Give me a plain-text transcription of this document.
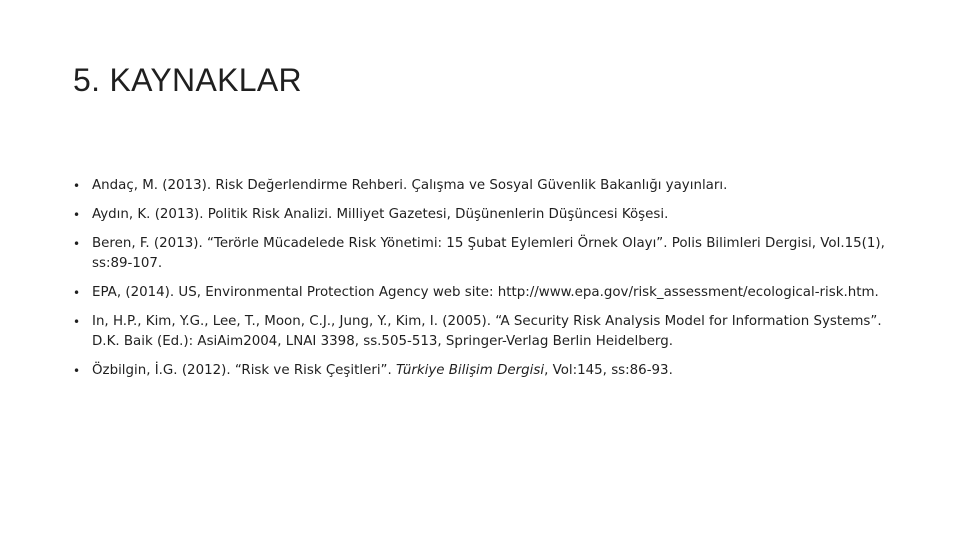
5. KAYNAKLAR
• Andaç, M. (2013). Risk Değerlendirme Rehberi. Çalışma ve Sosyal Güvenlik Bakanlığı yayınları.
• Aydın, K. (2013). Politik Risk Analizi. Milliyet Gazetesi, Düşünenlerin Düşüncesi Köşesi.
• Beren, F. (2013). “Terörle Mücadelede Risk Yönetimi: 15 Şubat Eylemleri Örnek Olayı”. Polis Bilimleri Dergisi, Vol.15(1), ss:89-107.
• EPA, (2014). US, Environmental Protection Agency web site: http://www.epa.gov/risk_assessment/ecological-risk.htm.
• In, H.P., Kim, Y.G., Lee, T., Moon, C.J., Jung, Y., Kim, I. (2005). “A Security Risk Analysis Model for Information Systems”. D.K. Baik (Ed.): AsiAim2004, LNAI 3398, ss.505-513, Springer-Verlag Berlin Heidelberg.
• Özbilgin, İ.G. (2012). “Risk ve Risk Çeşitleri”. Türkiye Bilişim Dergisi, Vol:145, ss:86-93.
